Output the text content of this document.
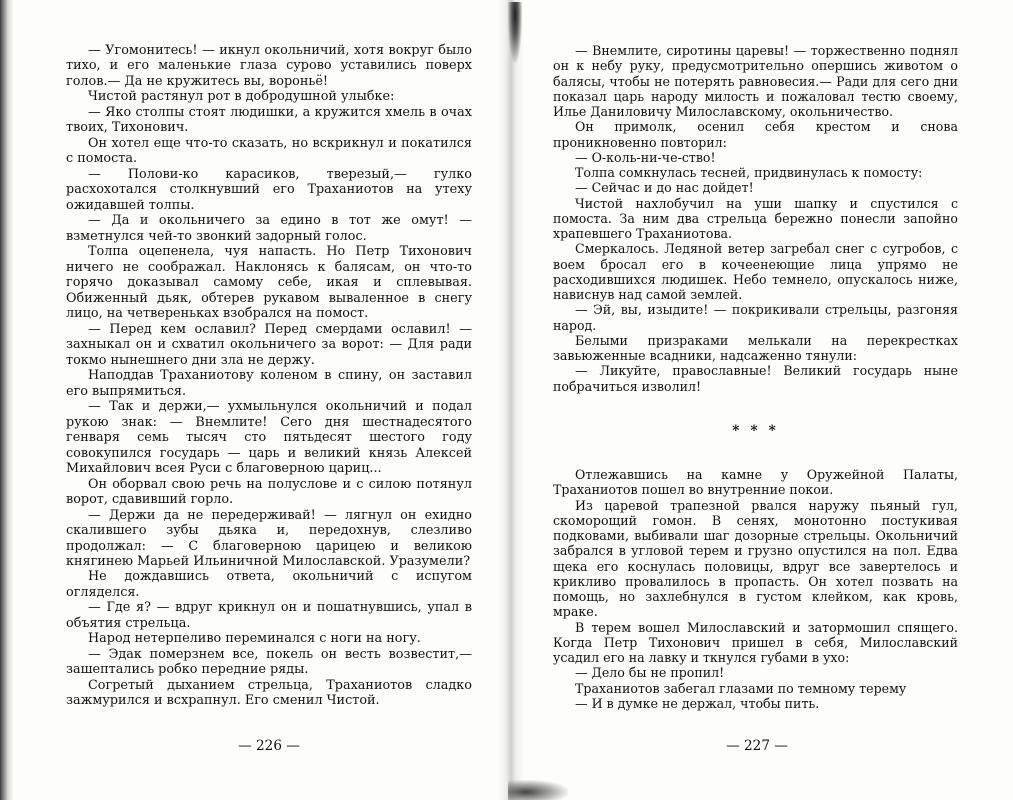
— Угомонитесь! — икнул окольничий, хотя вокруг было тихо, и его маленькие глаза сурово уставились поверх голов.— Да не кружитесь вы, вороньё!

Чистой растянул рот в добродушной улыбке:

— Яко столпы стоят людишки, а кружится хмель в очах твоих, Тихонович.

Он хотел еще что-то сказать, но вскрикнул и покатился с помоста.

— Полови-ко карасиков, тверезый,— гулко расхохотался столкнувший его Траханиотов на утеху ожидавшей толпы.

— Да и окольничего за едино в тот же омут! — взметнулся чей-то звонкий задорный голос.

Толпа оцепенела, чуя напасть. Но Петр Тихонович ничего не соображал. Наклонясь к балясам, он что-то горячо доказывал самому себе, икая и сплевывая. Обиженный дьяк, обтерев рукавом вываленное в снегу лицо, на четвереньках взобрался на помост.

— Перед кем ославил? Перед смердами ославил! — захныкал он и схватил окольничего за ворот: — Для ради токмо нынешнего дни зла не держу.

Наподдав Траханиотову коленом в спину, он заставил его выпрямиться.

— Так и держи,— ухмыльнулся окольничий и подал рукою знак: — Внемлите! Сего дня шестнадесятого генваря семь тысяч сто пятьдесят шестого году совокупился государь — царь и великий князь Алексей Михайлович всея Руси с благоверною цариц...

Он оборвал свою речь на полуслове и с силою потянул ворот, сдавивший горло.

— Держи да не передерживай! — лягнул он ехидно скалившего зубы дьяка и, передохнув, слезливо продолжал: — С благоверною царицею и великою княгинею Марьей Ильиничной Милославской. Уразумели?

Не дождавшись ответа, окольничий с испугом огляделся.

— Где я? — вдруг крикнул он и пошатнувшись, упал в объятия стрельца.

Народ нетерпеливо переминался с ноги на ногу.

— Эдак померзнем все, покель он весть возвестит,— зашептались робко передние ряды.

Согретый дыханием стрельца, Траханиотов сладко зажмурился и всхрапнул. Его сменил Чистой.

— 226 —

— Внемлите, сиротины царевы! — торжественно поднял он к небу руку, предусмотрительно опершись животом о балясы, чтобы не потерять равновесия.— Ради для сего дни показал царь народу милость и пожаловал тестю своему, Илье Даниловичу Милославскому, окольничество.

Он примолк, осенил себя крестом и снова проникновенно повторил:

— О-коль-ни-че-ство!

Толпа сомкнулась тесней, придвинулась к помосту:

— Сейчас и до нас дойдет!

Чистой нахлобучил на уши шапку и спустился с помоста. За ним два стрельца бережно понесли запойно храпевшего Траханиотова.

Смеркалось. Ледяной ветер загребал снег с сугробов, с воем бросал его в кочеенеющие лица упрямо не расходившихся людишек. Небо темнело, опускалось ниже, нависнув над самой землей.

— Эй, вы, изыдите! — покрикивали стрельцы, разгоняя народ.

Белыми призраками мелькали на перекрестках завьюженные всадники, надсаженно тянули:

— Ликуйте, православные! Великий государь ныне побрачиться изволил!

* * *

Отлежавшись на камне у Оружейной Палаты, Траханиотов пошел во внутренние покои.

Из царевой трапезной рвался наружу пьяный гул, скоморощий гомон. В сенях, монотонно постукивая подковами, выбивали шаг дозорные стрельцы. Окольничий забрался в угловой терем и грузно опустился на пол. Едва щека его коснулась половицы, вдруг все завертелось и крикливо провалилось в пропасть. Он хотел позвать на помощь, но захлебнулся в густом клейком, как кровь, мраке.

В терем вошел Милославский и затормошил спящего. Когда Петр Тихонович пришел в себя, Милославский усадил его на лавку и ткнулся губами в ухо:

— Дело бы не пропил!

Траханиотов забегал глазами по темному терему

— И в думке не держал, чтобы пить.

— 227 —
